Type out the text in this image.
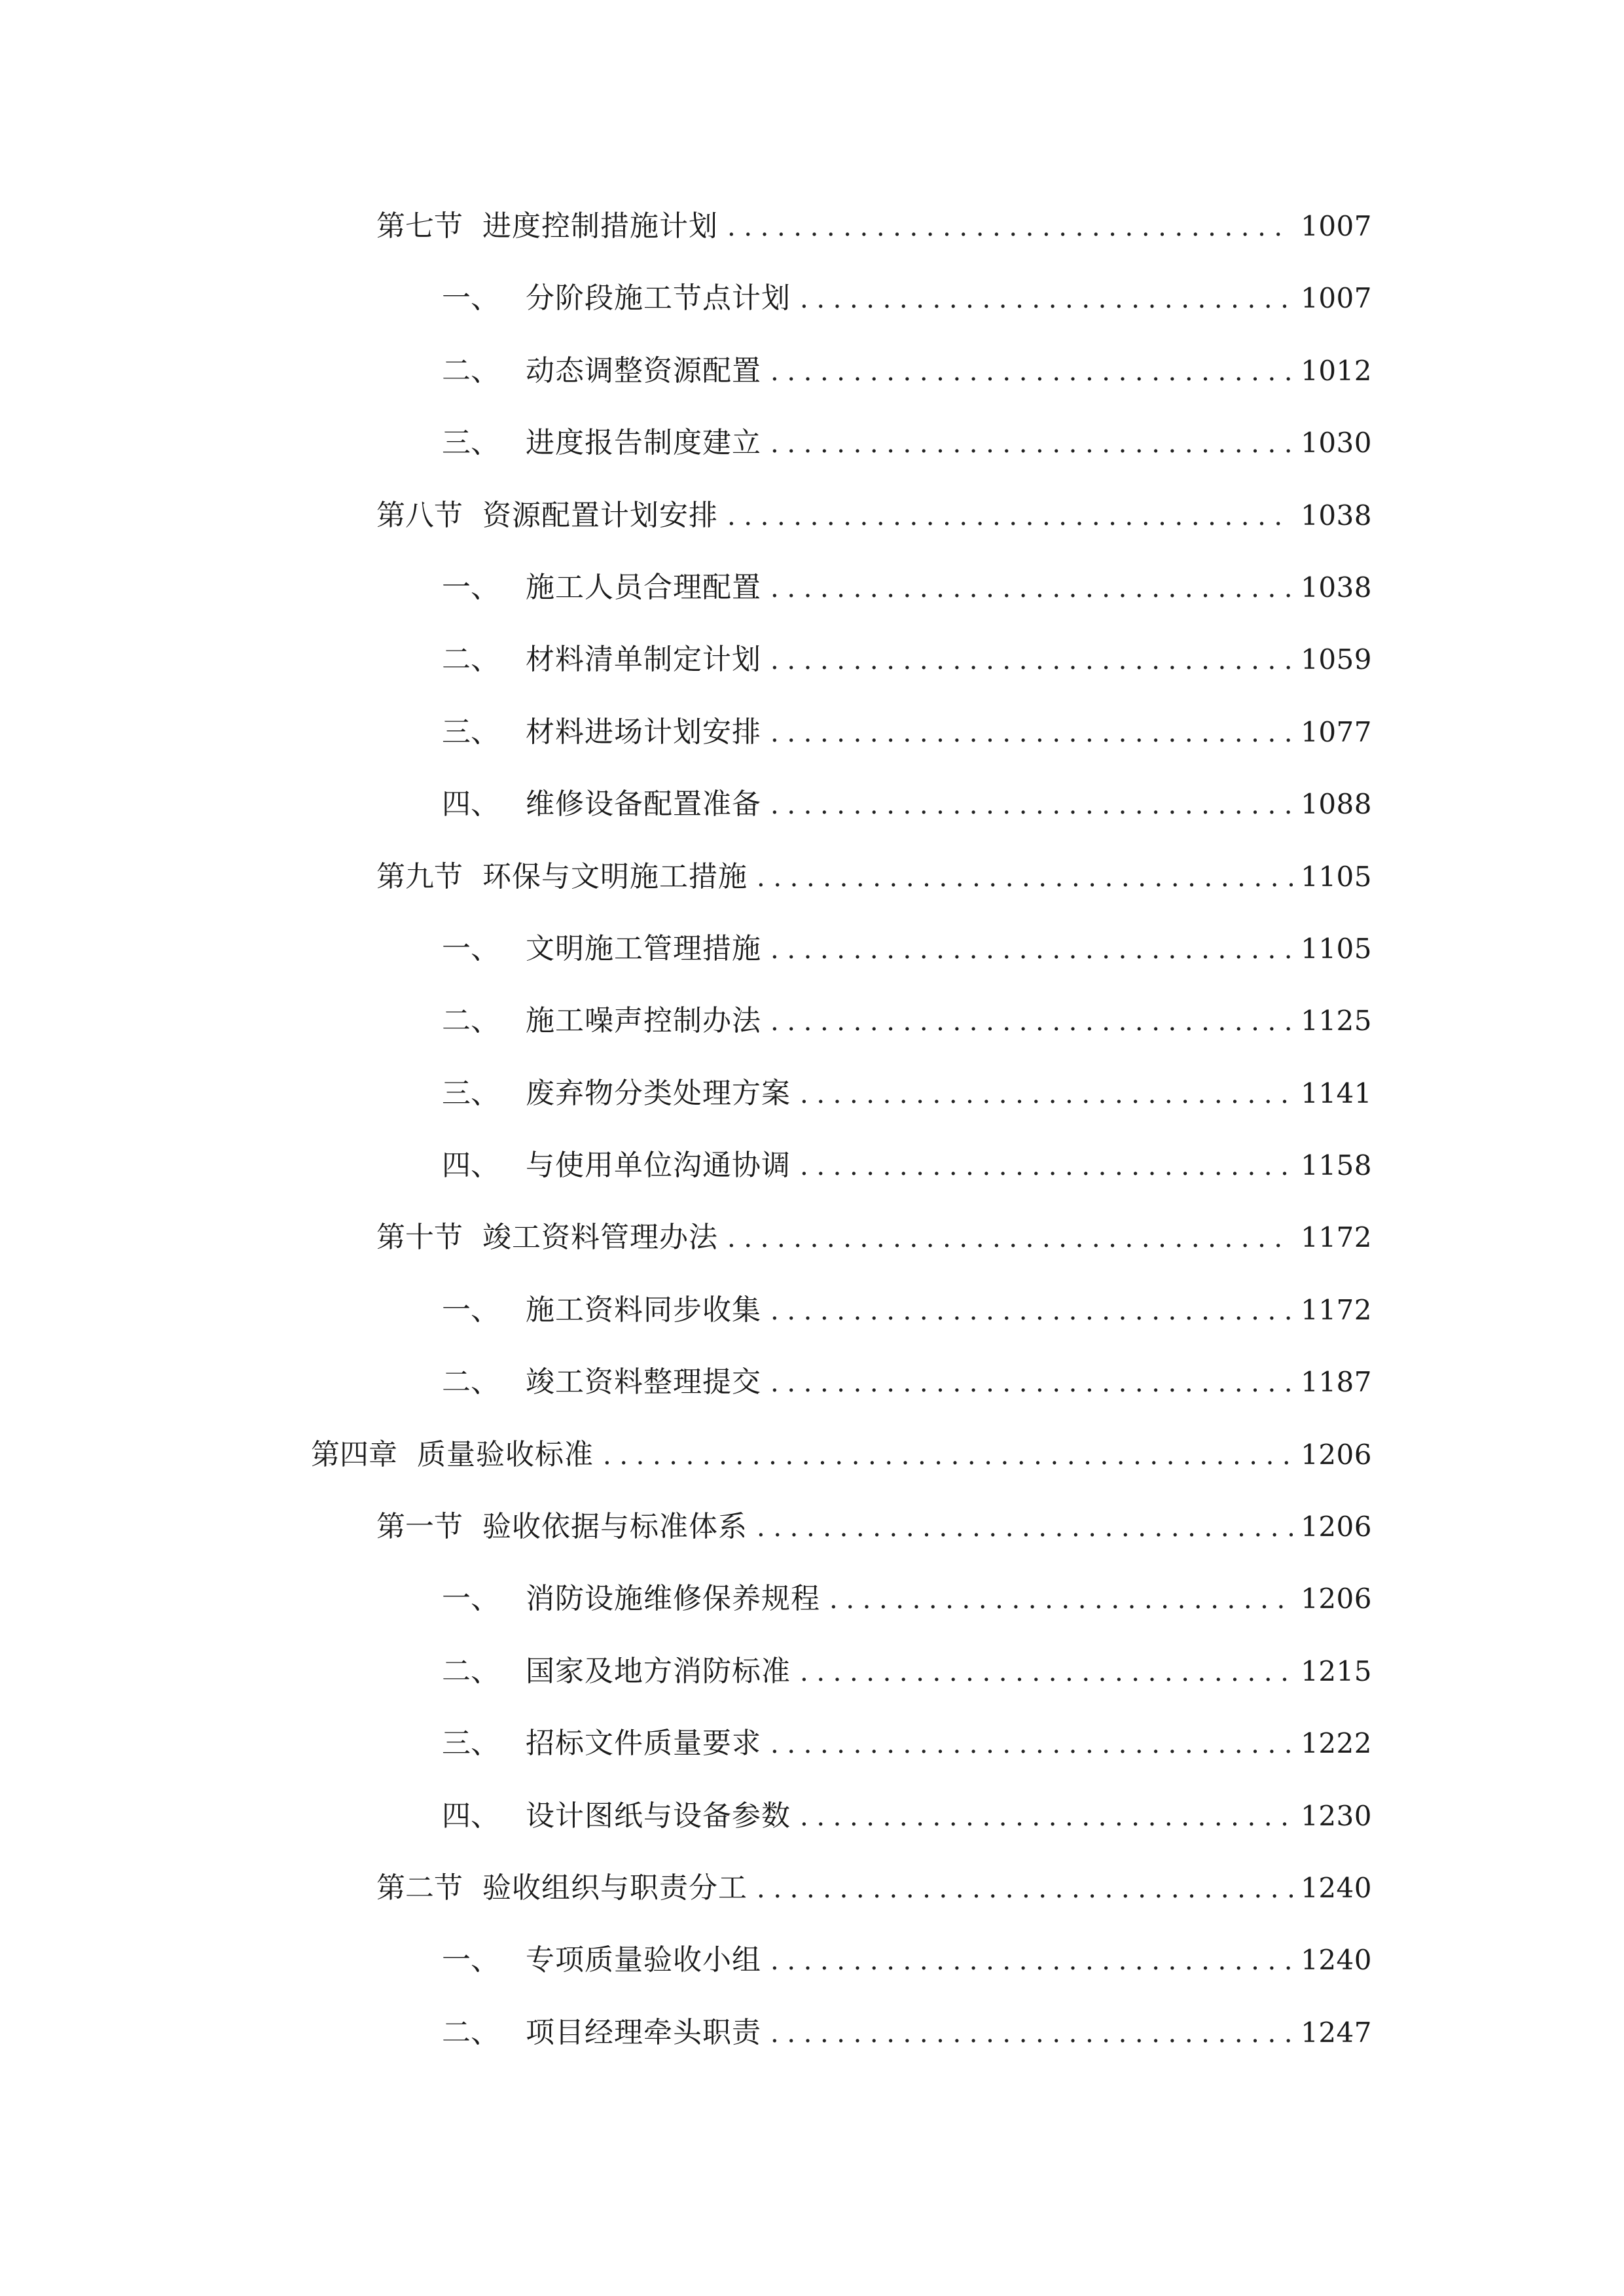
第七节 进度控制措施计划 .....	1007
一、 分阶段施工节点计划 .....	1007
二、 动态调整资源配置 .....	1012
三、 进度报告制度建立 .....	1030
第八节 资源配置计划安排 .....	1038
一、 施工人员合理配置 .....	1038
二、 材料清单制定计划 .....	1059
三、 材料进场计划安排 .....	1077
四、 维修设备配置准备 .....	1088
第九节 环保与文明施工措施 .....	1105
一、 文明施工管理措施 .....	1105
二、 施工噪声控制办法 .....	1125
三、 废弃物分类处理方案 .....	1141
四、 与使用单位沟通协调 .....	1158
第十节 竣工资料管理办法 .....	1172
一、 施工资料同步收集 .....	1172
二、 竣工资料整理提交 .....	1187
第四章 质量验收标准 .....	1206
第一节 验收依据与标准体系 .....	1206
一、 消防设施维修保养规程 .....	1206
二、 国家及地方消防标准 .....	1215
三、 招标文件质量要求 .....	1222
四、 设计图纸与设备参数 .....	1230
第二节 验收组织与职责分工 .....	1240
一、 专项质量验收小组 .....	1240
二、 项目经理牵头职责 .....	1247
